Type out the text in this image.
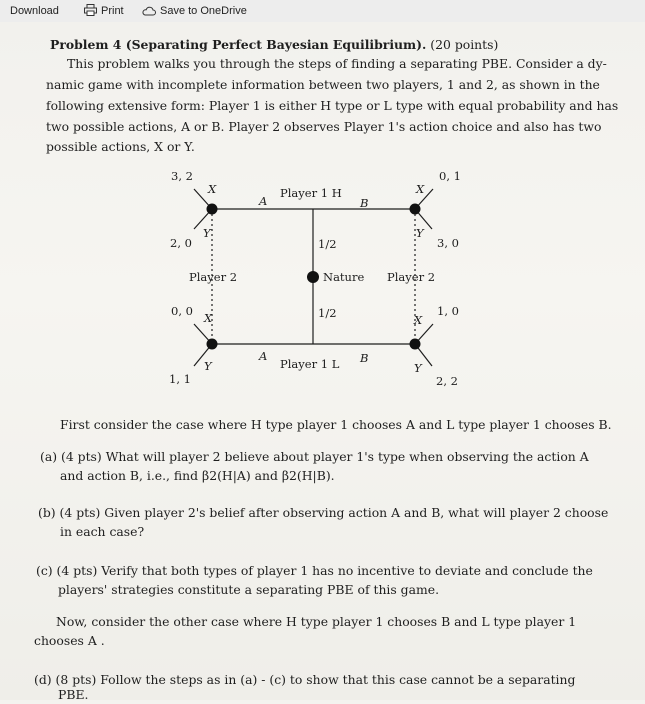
Download	Print	Save to OneDrive
Problem 4 (Separating Perfect Bayesian Equilibrium). (20 points)
This problem walks you through the steps of finding a separating PBE. Consider a dy-
namic game with incomplete information between two players, 1 and 2, as shown in the
following extensive form: Player 1 is either H type or L type with equal probability and has
two possible actions, A or B. Player 2 observes Player 1's action choice and also has two
possible actions, X or Y.
Player 1 H
Player 1 L
Nature
Player 2	Player 2
1/2
1/2
A	B
A	B
X
Y
X
Y
X
Y
X
Y
3, 2
2, 0
0, 1
3, 0
0, 0
1, 1
1, 0
2, 2
First consider the case where H type player 1 chooses A and L type player 1 chooses B.
(a) (4 pts) What will player 2 believe about player 1's type when observing the action A
and action B, i.e., find β2(H|A) and β2(H|B).
(b) (4 pts) Given player 2's belief after observing action A and B, what will player 2 choose
in each case?
(c) (4 pts) Verify that both types of player 1 has no incentive to deviate and conclude the
players' strategies constitute a separating PBE of this game.
Now, consider the other case where H type player 1 chooses B and L type player 1
chooses A .
(d) (8 pts) Follow the steps as in (a) - (c) to show that this case cannot be a separating
PBE.
